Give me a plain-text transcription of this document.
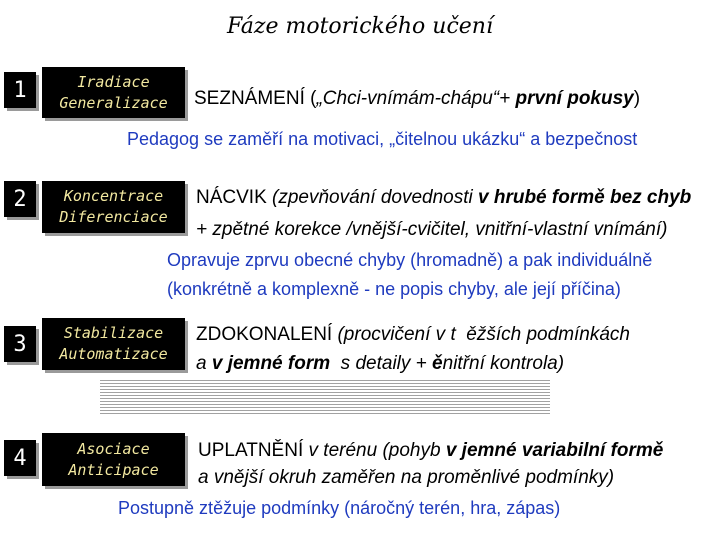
Fáze motorického učení
1	Iradiace
Generalizace SEZNÁMENÍ („Chci-vnímám-chápu“+ první pokusy)
Pedagog se zaměří na motivaci, „čitelnou ukázku“ a bezpečnost
2	Koncentrace
Diferenciace
NÁCVIK (zpevňování dovednosti v hrubé formě bez chyb
+ zpětné korekce /vnější-cvičitel, vnitřní-vlastní vnímání)
Opravuje zprvu obecné chyby (hromadně) a pak individuálně
(konkrétně a komplexně - ne popis chyby, ale její příčina)
3	Stabilizace
Automatizace
ZDOKONALENÍ (procvičení v t  ěžších podmínkách
a v jemné form  s detaily + ěnitřní kontrola)
4	Asociace
Anticipace
UPLATNĚNÍ v terénu (pohyb v jemné variabilní formě
a vnější okruh zaměřen na proměnlivé podmínky)
Postupně ztěžuje podmínky (náročný terén, hra, zápas)
